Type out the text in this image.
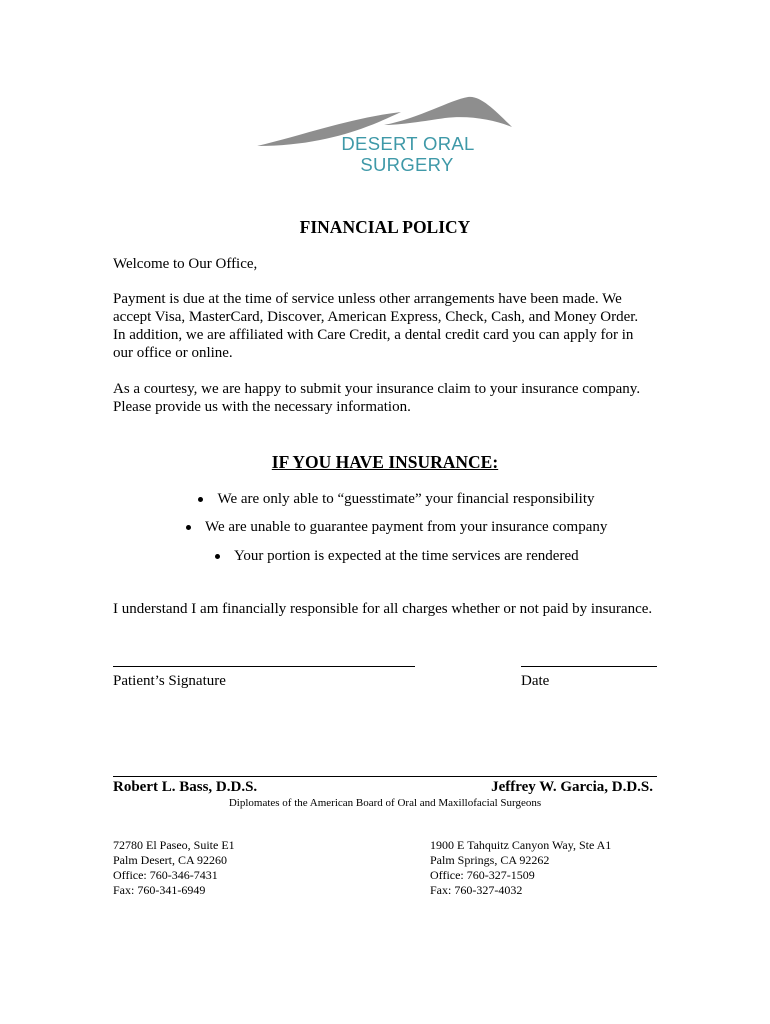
DESERT ORAL
SURGERY
FINANCIAL POLICY
Welcome to Our Office,
Payment is due at the time of service unless other arrangements have been made. We
accept Visa, MasterCard, Discover, American Express, Check, Cash, and Money Order.
In addition, we are affiliated with Care Credit, a dental credit card you can apply for in
our office or online.
As a courtesy, we are happy to submit your insurance claim to your insurance company.
Please provide us with the necessary information.
IF YOU HAVE INSURANCE:
We are only able to “guesstimate” your financial responsibility
We are unable to guarantee payment from your insurance company
Your portion is expected at the time services are rendered
I understand I am financially responsible for all charges whether or not paid by insurance.
Patient’s Signature	Date
Robert L. Bass, D.D.S.	Jeffrey W. Garcia, D.D.S.
Diplomates of the American Board of Oral and Maxillofacial Surgeons
72780 El Paseo, Suite E1
Palm Desert, CA 92260
Office: 760-346-7431
Fax: 760-341-6949
1900 E Tahquitz Canyon Way, Ste A1
Palm Springs, CA 92262
Office: 760-327-1509
Fax: 760-327-4032
